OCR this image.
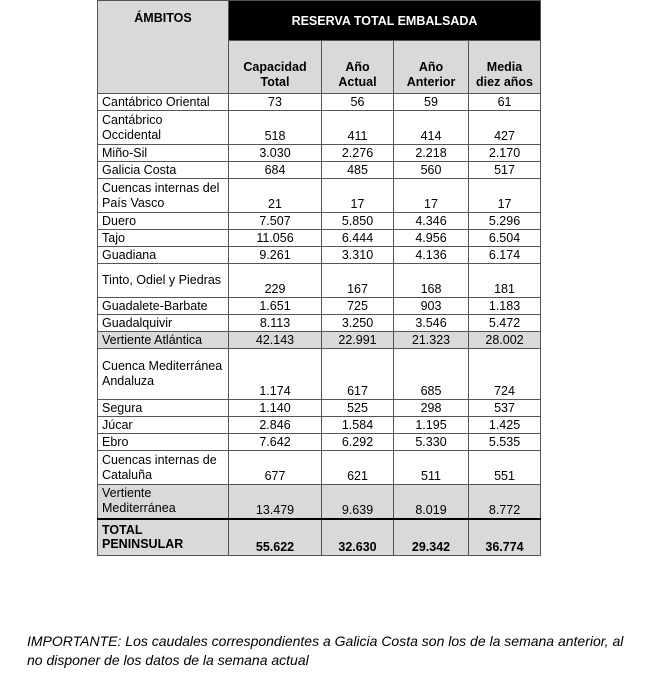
ÁMBITOS	RESERVA TOTAL EMBALSADA			
	Capacidad Total	Año Actual	Año Anterior	Media diez años
Cantábrico Oriental	73	56	59	61
Cantábrico Occidental	518	411	414	427
Miño-Sil	3.030	2.276	2.218	2.170
Galicia Costa	684	485	560	517
Cuencas internas del País Vasco	21	17	17	17
Duero	7.507	5.850	4.346	5.296
Tajo	11.056	6.444	4.956	6.504
Guadiana	9.261	3.310	4.136	6.174
Tinto, Odiel y Piedras	229	167	168	181
Guadalete-Barbate	1.651	725	903	1.183
Guadalquivir	8.113	3.250	3.546	5.472
Vertiente Atlántica	42.143	22.991	21.323	28.002
Cuenca Mediterránea Andaluza	1.174	617	685	724
Segura	1.140	525	298	537
Júcar	2.846	1.584	1.195	1.425
Ebro	7.642	6.292	5.330	5.535
Cuencas internas de Cataluña	677	621	511	551
Vertiente Mediterránea	13.479	9.639	8.019	8.772
TOTAL PENINSULAR	55.622	32.630	29.342	36.774

IMPORTANTE: Los caudales correspondientes a Galicia Costa son los de la semana anterior, al no disponer de los datos de la semana actual
